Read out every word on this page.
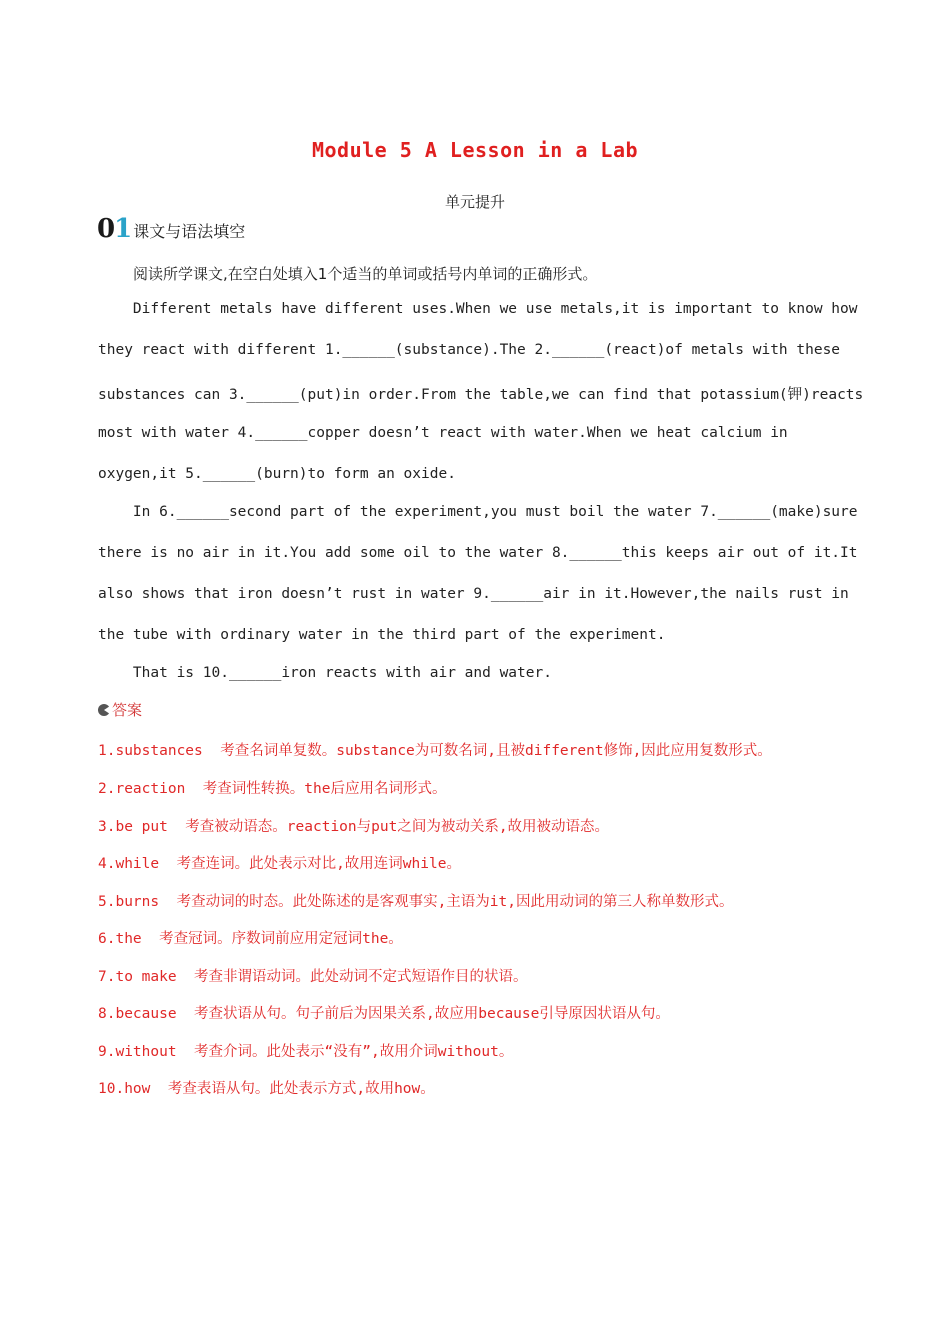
Module 5 A Lesson in a Lab
单元提升
01 课文与语法填空
阅读所学课文,在空白处填入1个适当的单词或括号内单词的正确形式。
Different metals have different uses.When we use metals,it is important to know how
they react with different 1.______(substance).The 2.______(react)of metals with these
substances can 3.______(put)in order.From the table,we can find that potassium(钾)reacts
most with water 4.______copper doesn’t react with water.When we heat calcium in
oxygen,it 5.______(burn)to form an oxide.
In 6.______second part of the experiment,you must boil the water 7.______(make)sure
there is no air in it.You add some oil to the water 8.______this keeps air out of it.It
also shows that iron doesn’t rust in water 9.______air in it.However,the nails rust in
the tube with ordinary water in the third part of the experiment.
That is 10.______iron reacts with air and water.
答案
1.substances  考查名词单复数。substance为可数名词,且被different修饰,因此应用复数形式。
2.reaction  考查词性转换。the后应用名词形式。
3.be put  考查被动语态。reaction与put之间为被动关系,故用被动语态。
4.while  考查连词。此处表示对比,故用连词while。
5.burns  考查动词的时态。此处陈述的是客观事实,主语为it,因此用动词的第三人称单数形式。
6.the  考查冠词。序数词前应用定冠词the。
7.to make  考查非谓语动词。此处动词不定式短语作目的状语。
8.because  考查状语从句。句子前后为因果关系,故应用because引导原因状语从句。
9.without  考查介词。此处表示“没有”,故用介词without。
10.how  考查表语从句。此处表示方式,故用how。
